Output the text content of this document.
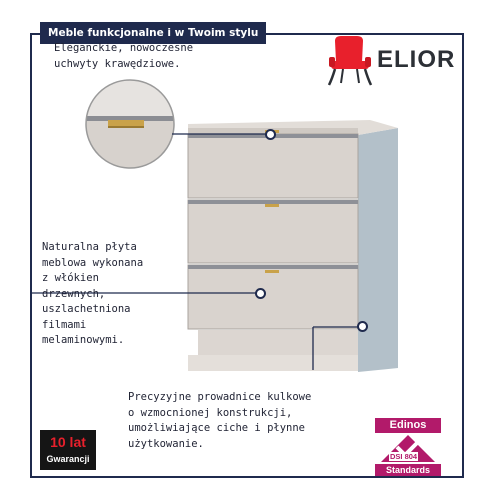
Meble funkcjonalne i w Twoim stylu
ELIOR
Eleganckie, nowoczesne
uchwyty krawędziowe.
Naturalna płyta
meblowa wykonana
z włókien
drzewnych,
uszlachetniona
filmami
melaminowymi.
Precyzyjne prowadnice kulkowe
o wzmocnionej konstrukcji,
umożliwiające ciche i płynne
użytkowanie.
10 lat
Gwarancji
Edinos
DSI 804
Standards
